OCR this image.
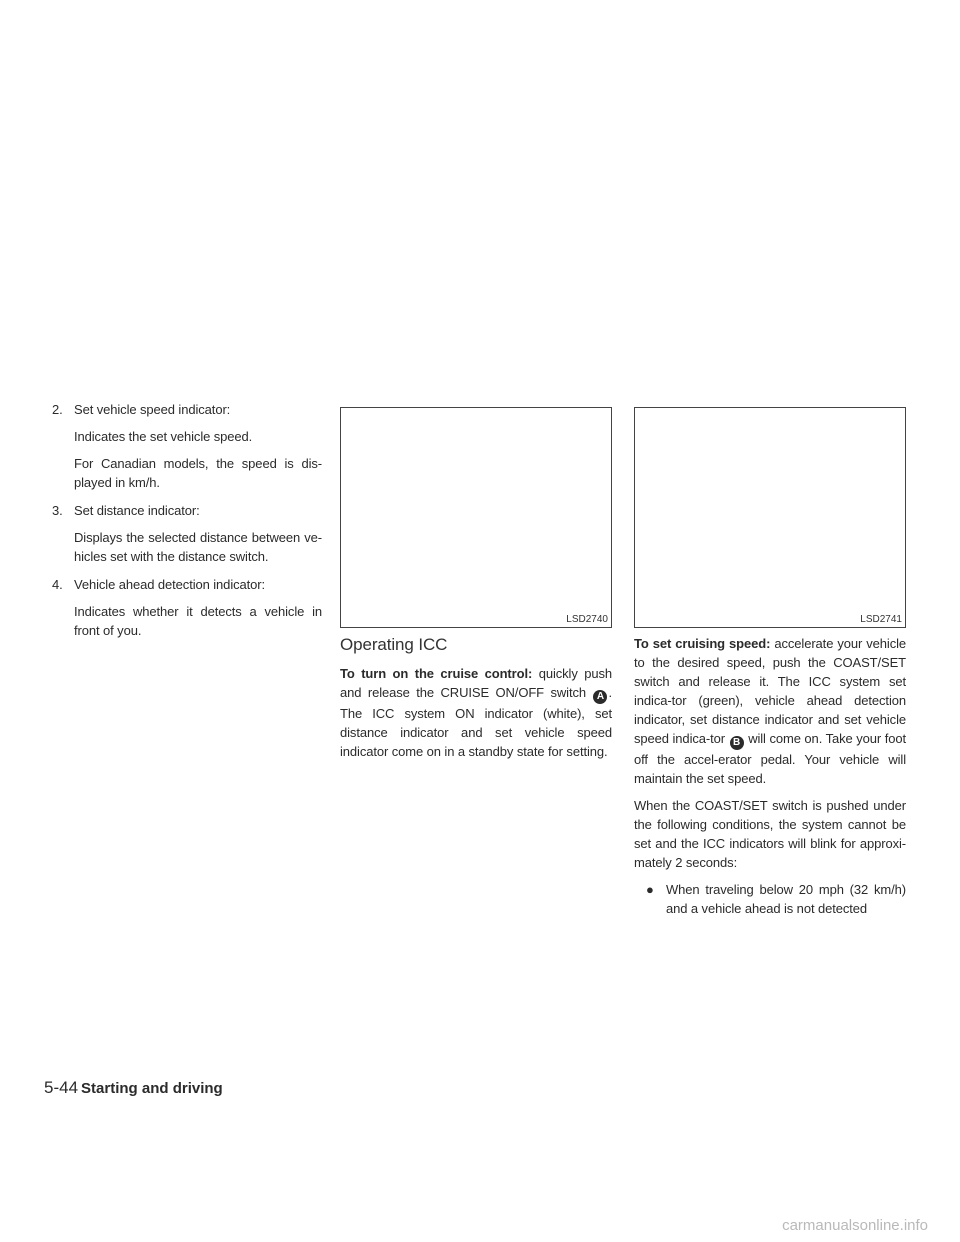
2. Set vehicle speed indicator:

Indicates the set vehicle speed.

For Canadian models, the speed is dis-played in km/h.

3. Set distance indicator:

Displays the selected distance between ve-hicles set with the distance switch.

4. Vehicle ahead detection indicator:

Indicates whether it detects a vehicle in front of you.

LSD2740	LSD2741
Operating ICC

To turn on the cruise control: quickly push and release the CRUISE ON/OFF switch A . The ICC system ON indicator (white), set distance indicator and set vehicle speed indicator come on in a standby state for setting.

To set cruising speed: accelerate your vehicle to the desired speed, push the COAST/SET switch and release it. The ICC system set indica-tor (green), vehicle ahead detection indicator, set distance indicator and set vehicle speed indica-tor B will come on. Take your foot off the accel-erator pedal. Your vehicle will maintain the set speed.

When the COAST/SET switch is pushed under the following conditions, the system cannot be set and the ICC indicators will blink for approxi-mately 2 seconds:

● When traveling below 20 mph (32 km/h) and a vehicle ahead is not detected
5-44 Starting and driving
carmanualsonline.info
